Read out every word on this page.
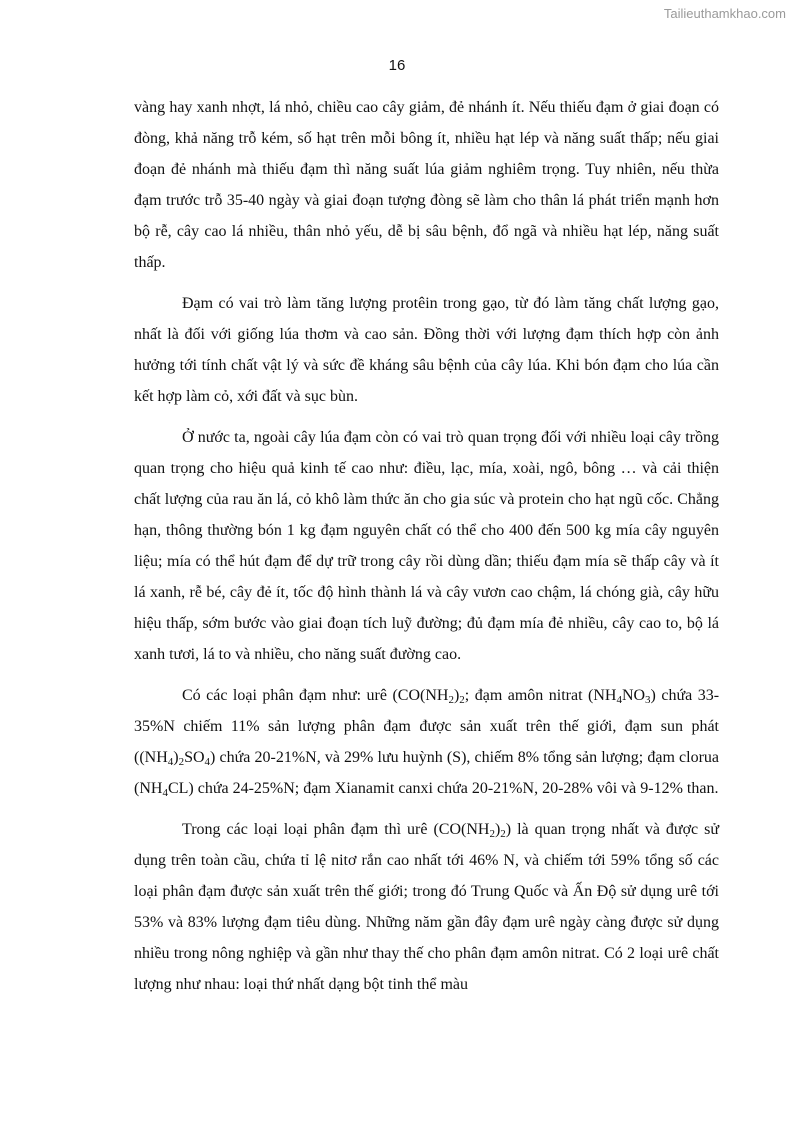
Tailieuthamkhao.com
16

vàng hay xanh nhợt, lá nhỏ, chiều cao cây giảm, đẻ nhánh ít. Nếu thiếu đạm ở giai đoạn có đòng, khả năng trỗ kém, số hạt trên mỗi bông ít, nhiều hạt lép và năng suất thấp; nếu giai đoạn đẻ nhánh mà thiếu đạm thì năng suất lúa giảm nghiêm trọng. Tuy nhiên, nếu thừa đạm trước trỗ 35-40 ngày và giai đoạn tượng đòng sẽ làm cho thân lá phát triển mạnh hơn bộ rễ, cây cao lá nhiều, thân nhỏ yếu, dễ bị sâu bệnh, đổ ngã và nhiều hạt lép, năng suất thấp.

Đạm có vai trò làm tăng lượng protêin trong gạo, từ đó làm tăng chất lượng gạo, nhất là đối với giống lúa thơm và cao sản. Đồng thời với lượng đạm thích hợp còn ảnh hưởng tới tính chất vật lý và sức đề kháng sâu bệnh của cây lúa. Khi bón đạm cho lúa cần kết hợp làm cỏ, xới đất và sục bùn.

Ở nước ta, ngoài cây lúa đạm còn có vai trò quan trọng đối với nhiều loại cây trồng quan trọng cho hiệu quả kinh tế cao như: điều, lạc, mía, xoài, ngô, bông … và cải thiện chất lượng của rau ăn lá, cỏ khô làm thức ăn cho gia súc và protein cho hạt ngũ cốc. Chẳng hạn, thông thường bón 1 kg đạm nguyên chất có thể cho 400 đến 500 kg mía cây nguyên liệu; mía có thể hút đạm để dự trữ trong cây rồi dùng dần; thiếu đạm mía sẽ thấp cây và ít lá xanh, rễ bé, cây đẻ ít, tốc độ hình thành lá và cây vươn cao chậm, lá chóng già, cây hữu hiệu thấp, sớm bước vào giai đoạn tích luỹ đường; đủ đạm mía đẻ nhiều, cây cao to, bộ lá xanh tươi, lá to và nhiều, cho năng suất đường cao.

Có các loại phân đạm như: urê ($CO(NH_2)_2$; đạm amôn nitrat $(NH_4NO_3)$ chứa 33-35%N chiếm 11% sản lượng phân đạm được sản xuất trên thế giới, đạm sun phát $((NH_4)_2SO_4)$ chứa 20-21%N, và 29% lưu huỳnh (S), chiếm 8% tổng sản lượng; đạm clorua $(NH_4CL)$ chứa 24-25%N; đạm Xianamit canxi chứa 20-21%N, 20-28% vôi và 9-12% than.

Trong các loại loại phân đạm thì urê $(CO(NH_2)_2)$ là quan trọng nhất và được sử dụng trên toàn cầu, chứa tỉ lệ nitơ rắn cao nhất tới 46% N, và chiếm tới 59% tổng số các loại phân đạm được sản xuất trên thế giới; trong đó Trung Quốc và Ấn Độ sử dụng urê tới 53% và 83% lượng đạm tiêu dùng. Những năm gần đây đạm urê ngày càng được sử dụng nhiều trong nông nghiệp và gần như thay thế cho phân đạm amôn nitrat. Có 2 loại urê chất lượng như nhau: loại thứ nhất dạng bột tinh thể màu
